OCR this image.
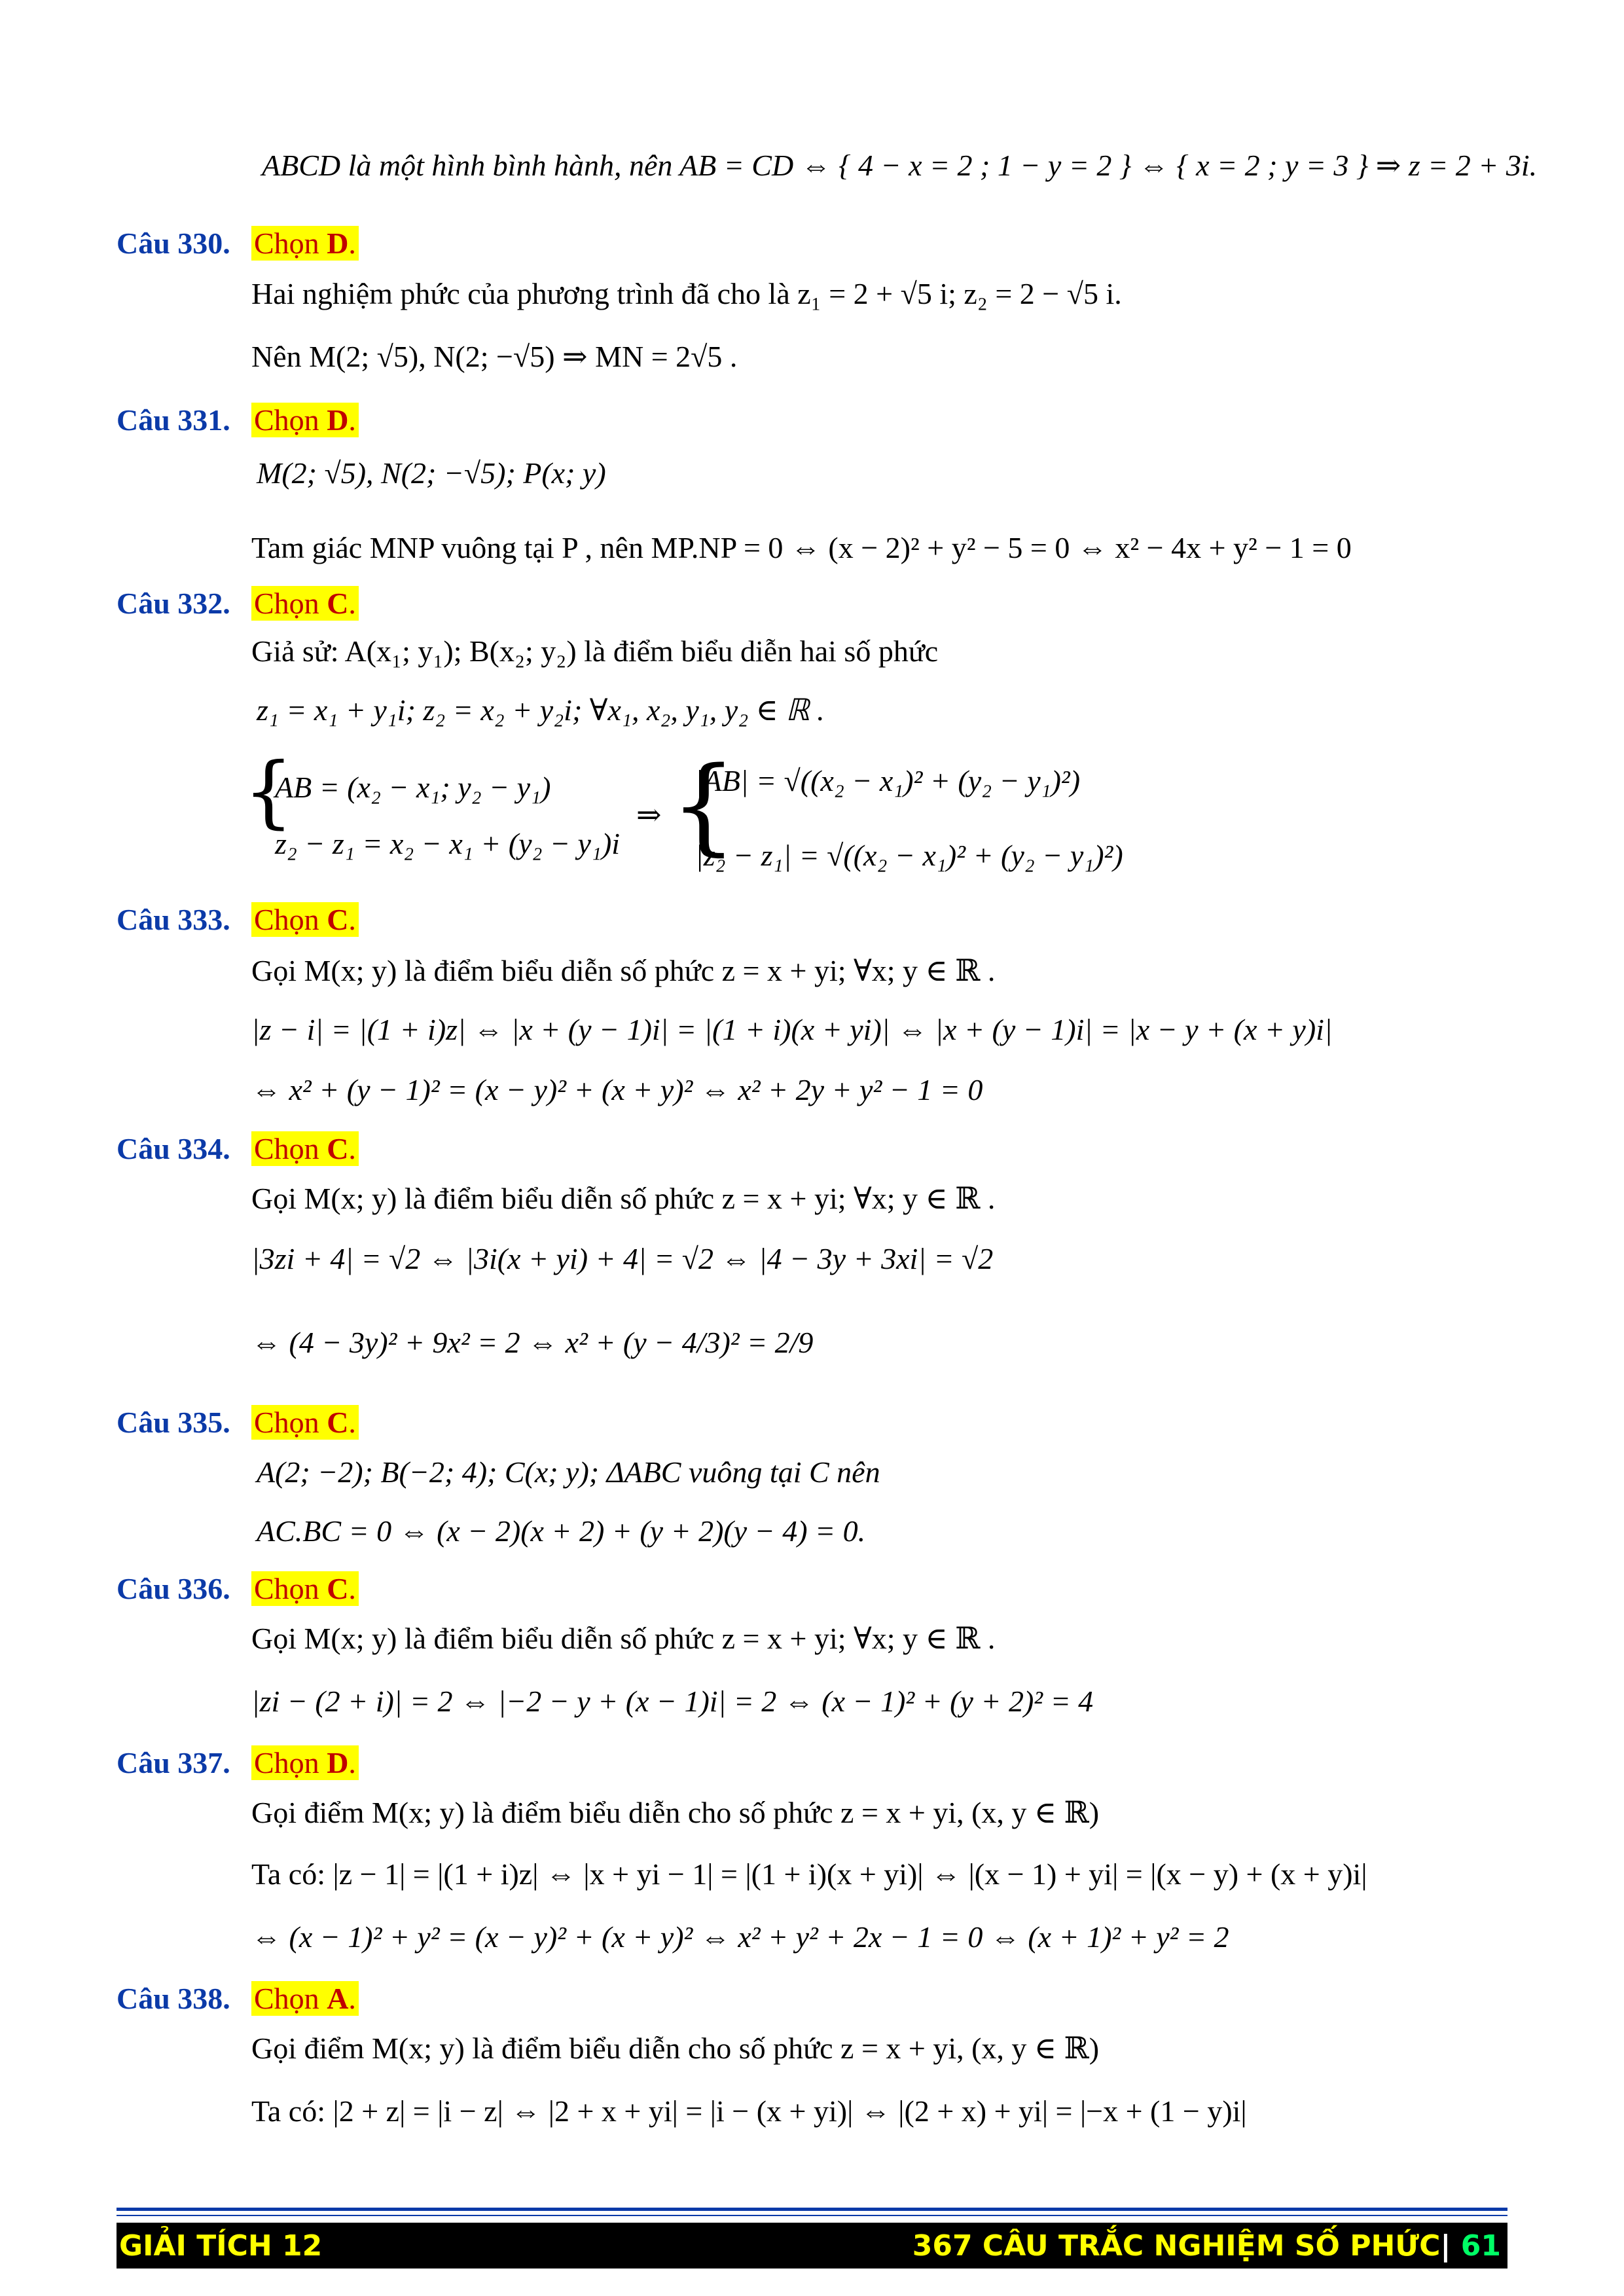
ABCD là một hình bình hành, nên AB = CD ⇔ { 4 − x = 2 ; 1 − y = 2 } ⇔ { x = 2 ; y = 3 } ⇒ z = 2 + 3i.
Câu 330. Chọn D.
Hai nghiệm phức của phương trình đã cho là z₁ = 2 + √5 i; z₂ = 2 − √5 i.
Nên M(2; √5), N(2; −√5) ⇒ MN = 2√5 .
Câu 331. Chọn D.
M(2; √5), N(2; −√5); P(x; y)
Tam giác MNP vuông tại P , nên MP.NP = 0 ⇔ (x − 2)² + y² − 5 = 0 ⇔ x² − 4x + y² − 1 = 0
Câu 332. Chọn C.
Giả sử: A(x₁; y₁); B(x₂; y₂) là điểm biểu diễn hai số phức
z₁ = x₁ + y₁i; z₂ = x₂ + y₂i; ∀x₁, x₂, y₁, y₂ ∈ ℝ .
{
AB = (x₂ − x₁; y₂ − y₁)
z₂ − z₁ = x₂ − x₁ + (y₂ − y₁)i
⇒ {
|AB| = √((x₂ − x₁)² + (y₂ − y₁)²)
|z₂ − z₁| = √((x₂ − x₁)² + (y₂ − y₁)²)
Câu 333. Chọn C.
Gọi M(x; y) là điểm biểu diễn số phức z = x + yi; ∀x; y ∈ ℝ .
|z − i| = |(1 + i)z| ⇔ |x + (y − 1)i| = |(1 + i)(x + yi)| ⇔ |x + (y − 1)i| = |x − y + (x + y)i|
⇔ x² + (y − 1)² = (x − y)² + (x + y)² ⇔ x² + 2y + y² − 1 = 0
Câu 334. Chọn C.
Gọi M(x; y) là điểm biểu diễn số phức z = x + yi; ∀x; y ∈ ℝ .
|3zi + 4| = √2 ⇔ |3i(x + yi) + 4| = √2 ⇔ |4 − 3y + 3xi| = √2
⇔ (4 − 3y)² + 9x² = 2 ⇔ x² + (y − 4/3)² = 2/9
Câu 335. Chọn C.
A(2; −2); B(−2; 4); C(x; y); ΔABC vuông tại C nên
AC.BC = 0 ⇔ (x − 2)(x + 2) + (y + 2)(y − 4) = 0.
Câu 336. Chọn C.
Gọi M(x; y) là điểm biểu diễn số phức z = x + yi; ∀x; y ∈ ℝ .
|zi − (2 + i)| = 2 ⇔ |−2 − y + (x − 1)i| = 2 ⇔ (x − 1)² + (y + 2)² = 4
Câu 337. Chọn D.
Gọi điểm M(x; y) là điểm biểu diễn cho số phức z = x + yi, (x, y ∈ ℝ)
Ta có: |z − 1| = |(1 + i)z| ⇔ |x + yi − 1| = |(1 + i)(x + yi)| ⇔ |(x − 1) + yi| = |(x − y) + (x + y)i|
⇔ (x − 1)² + y² = (x − y)² + (x + y)² ⇔ x² + y² + 2x − 1 = 0 ⇔ (x + 1)² + y² = 2
Câu 338. Chọn A.
Gọi điểm M(x; y) là điểm biểu diễn cho số phức z = x + yi, (x, y ∈ ℝ)
Ta có: |2 + z| = |i − z| ⇔ |2 + x + yi| = |i − (x + yi)| ⇔ |(2 + x) + yi| = |−x + (1 − y)i|
GIẢI TÍCH 12	367 CÂU TRẮC NGHIỆM SỐ PHỨC| 61
